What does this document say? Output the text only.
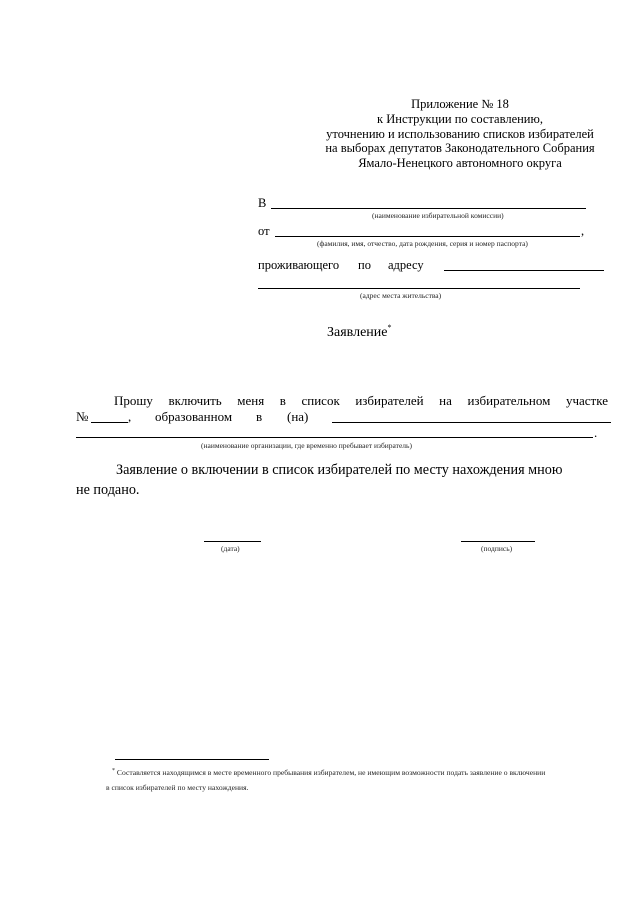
Приложение № 18
к Инструкции по составлению,
уточнению и использованию списков избирателей
на выборах депутатов Законодательного Собрания
Ямало-Ненецкого автономного округа
В
(наименование избирательной комиссии)
от	,
(фамилия, имя, отчество, дата рождения, серия и номер паспорта)
проживающего по адресу
(адрес места жительства)
Заявление*
Прошу включить меня в список избирателей на избирательном участке
№	, образованном в (на)
.
(наименование организации, где временно пребывает избиратель)
Заявление о включении в список избирателей по месту нахождения мною
не подано.
(дата)	(подпись)
* Составляется находящимся в месте временного пребывания избирателем, не имеющим возможности подать заявление о включении
в список избирателей по месту нахождения.
